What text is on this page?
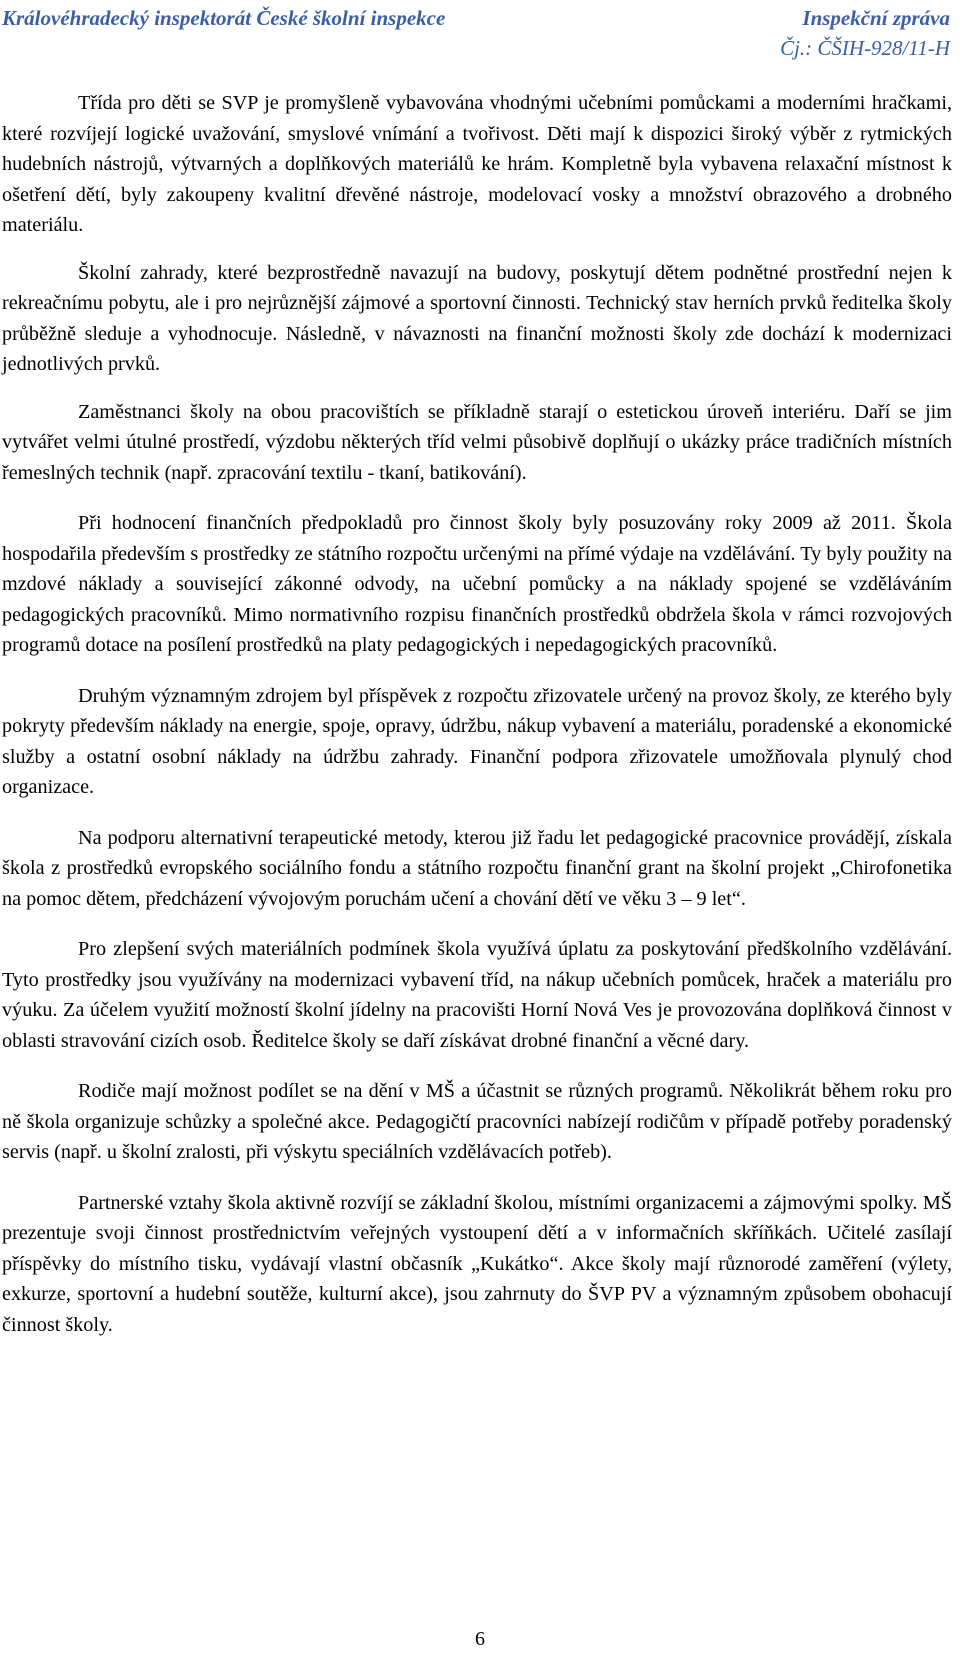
Královéhradecký inspektorát České školní inspekce	Inspekční zpráva
Čj.: ČŠIH-928/11-H

Třída pro děti se SVP je promyšleně vybavována vhodnými učebními pomůckami a moderními hračkami, které rozvíjejí logické uvažování, smyslové vnímání a tvořivost. Děti mají k dispozici široký výběr z rytmických hudebních nástrojů, výtvarných a doplňkových materiálů ke hrám. Kompletně byla vybavena relaxační místnost k ošetření dětí, byly zakoupeny kvalitní dřevěné nástroje, modelovací vosky a množství obrazového a drobného materiálu.

Školní zahrady, které bezprostředně navazují na budovy, poskytují dětem podnětné prostřední nejen k rekreačnímu pobytu, ale i pro nejrůznější zájmové a sportovní činnosti. Technický stav herních prvků ředitelka školy průběžně sleduje a vyhodnocuje. Následně, v návaznosti na finanční možnosti školy zde dochází k modernizaci jednotlivých prvků.

Zaměstnanci školy na obou pracovištích se příkladně starají o estetickou úroveň interiéru. Daří se jim vytvářet velmi útulné prostředí, výzdobu některých tříd velmi působivě doplňují o ukázky práce tradičních místních řemeslných technik (např. zpracování textilu - tkaní, batikování).

Při hodnocení finančních předpokladů pro činnost školy byly posuzovány roky 2009 až 2011. Škola hospodařila především s prostředky ze státního rozpočtu určenými na přímé výdaje na vzdělávání. Ty byly použity na mzdové náklady a související zákonné odvody, na učební pomůcky a na náklady spojené se vzděláváním pedagogických pracovníků. Mimo normativního rozpisu finančních prostředků obdržela škola v rámci rozvojových programů dotace na posílení prostředků na platy pedagogických i nepedagogických pracovníků.

Druhým významným zdrojem byl příspěvek z rozpočtu zřizovatele určený na provoz školy, ze kterého byly pokryty především náklady na energie, spoje, opravy, údržbu, nákup vybavení a materiálu, poradenské a ekonomické služby a ostatní osobní náklady na údržbu zahrady. Finanční podpora zřizovatele umožňovala plynulý chod organizace.

Na podporu alternativní terapeutické metody, kterou již řadu let pedagogické pracovnice provádějí, získala škola z prostředků evropského sociálního fondu a státního rozpočtu finanční grant na školní projekt „Chirofonetika na pomoc dětem, předcházení vývojovým poruchám učení a chování dětí ve věku 3 – 9 let“.

Pro zlepšení svých materiálních podmínek škola využívá úplatu za poskytování předškolního vzdělávání. Tyto prostředky jsou využívány na modernizaci vybavení tříd, na nákup učebních pomůcek, hraček a materiálu pro výuku. Za účelem využití možností školní jídelny na pracovišti Horní Nová Ves je provozována doplňková činnost v oblasti stravování cizích osob. Ředitelce školy se daří získávat drobné finanční a věcné dary.

Rodiče mají možnost podílet se na dění v MŠ a účastnit se různých programů. Několikrát během roku pro ně škola organizuje schůzky a společné akce. Pedagogičtí pracovníci nabízejí rodičům v případě potřeby poradenský servis (např. u školní zralosti, při výskytu speciálních vzdělávacích potřeb).

Partnerské vztahy škola aktivně rozvíjí se základní školou, místními organizacemi a zájmovými spolky. MŠ prezentuje svoji činnost prostřednictvím veřejných vystoupení dětí a v informačních skříňkách. Učitelé zasílají příspěvky do místního tisku, vydávají vlastní občasník „Kukátko“. Akce školy mají různorodé zaměření (výlety, exkurze, sportovní a hudební soutěže, kulturní akce), jsou zahrnuty do ŠVP PV a významným způsobem obohacují činnost školy.

6
